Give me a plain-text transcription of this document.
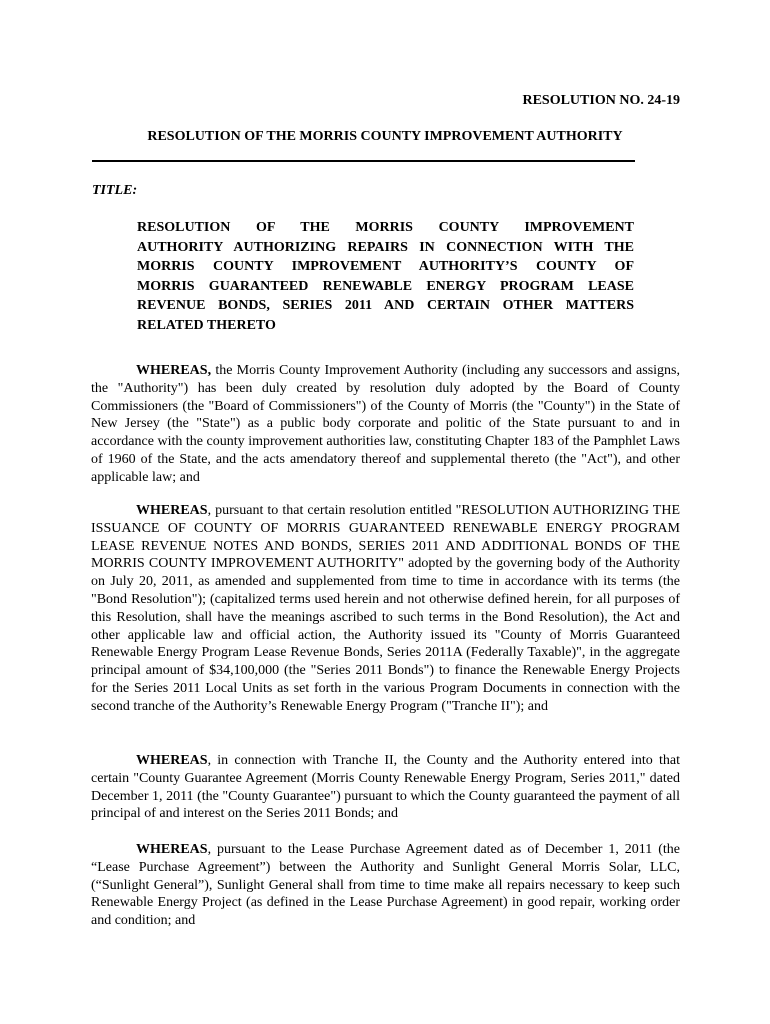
RESOLUTION NO. 24-19
RESOLUTION OF THE MORRIS COUNTY IMPROVEMENT AUTHORITY
TITLE:
RESOLUTION OF THE MORRIS COUNTY IMPROVEMENT
AUTHORITY AUTHORIZING REPAIRS IN CONNECTION WITH THE
MORRIS COUNTY IMPROVEMENT AUTHORITY’S COUNTY OF
MORRIS GUARANTEED RENEWABLE ENERGY PROGRAM LEASE
REVENUE BONDS, SERIES 2011 AND CERTAIN OTHER MATTERS
RELATED THERETO
WHEREAS, the Morris County Improvement Authority (including any successors and assigns, the "Authority") has been duly created by resolution duly adopted by the Board of County Commissioners (the "Board of Commissioners") of the County of Morris (the "County") in the State of New Jersey (the "State") as a public body corporate and politic of the State pursuant to and in accordance with the county improvement authorities law, constituting Chapter 183 of the Pamphlet Laws of 1960 of the State, and the acts amendatory thereof and supplemental thereto (the "Act"), and other applicable law; and
WHEREAS, pursuant to that certain resolution entitled "RESOLUTION AUTHORIZING THE ISSUANCE OF COUNTY OF MORRIS GUARANTEED RENEWABLE ENERGY PROGRAM LEASE REVENUE NOTES AND BONDS, SERIES 2011 AND ADDITIONAL BONDS OF THE MORRIS COUNTY IMPROVEMENT AUTHORITY" adopted by the governing body of the Authority on July 20, 2011, as amended and supplemented from time to time in accordance with its terms (the "Bond Resolution"); (capitalized terms used herein and not otherwise defined herein, for all purposes of this Resolution, shall have the meanings ascribed to such terms in the Bond Resolution), the Act and other applicable law and official action, the Authority issued its "County of Morris Guaranteed Renewable Energy Program Lease Revenue Bonds, Series 2011A (Federally Taxable)", in the aggregate principal amount of $34,100,000 (the "Series 2011 Bonds") to finance the Renewable Energy Projects for the Series 2011 Local Units as set forth in the various Program Documents in connection with the second tranche of the Authority’s Renewable Energy Program ("Tranche II"); and
WHEREAS, in connection with Tranche II, the County and the Authority entered into that certain "County Guarantee Agreement (Morris County Renewable Energy Program, Series 2011," dated December 1, 2011 (the "County Guarantee") pursuant to which the County guaranteed the payment of all principal of and interest on the Series 2011 Bonds; and
WHEREAS, pursuant to the Lease Purchase Agreement dated as of December 1, 2011 (the “Lease Purchase Agreement”) between the Authority and Sunlight General Morris Solar, LLC, (“Sunlight General”), Sunlight General shall from time to time make all repairs necessary to keep such Renewable Energy Project (as defined in the Lease Purchase Agreement) in good repair, working order and condition; and
